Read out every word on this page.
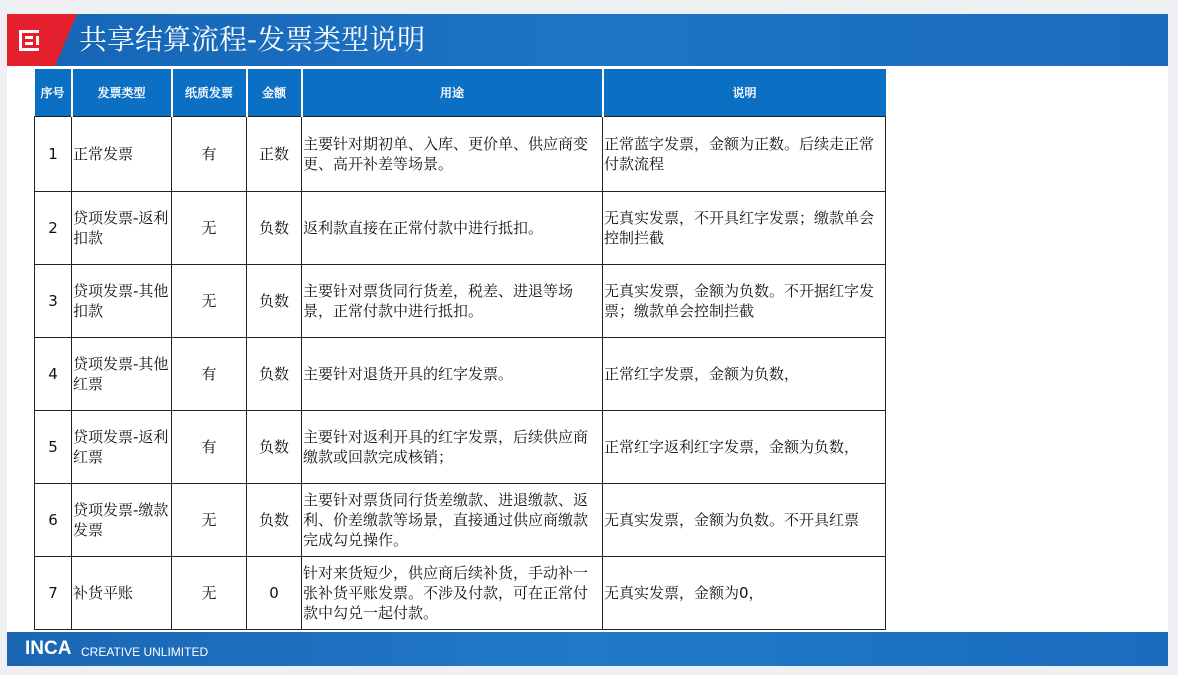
共享结算流程-发票类型说明
序号	发票类型	纸质发票	金额	用途	说明
1	正常发票	有	正数	主要针对期初单、入库、更价单、供应商变更、高开补差等场景。	正常蓝字发票，金额为正数。后续走正常付款流程
2	贷项发票-返利扣款	无	负数	返利款直接在正常付款中进行抵扣。	无真实发票，不开具红字发票；缴款单会控制拦截
3	贷项发票-其他扣款	无	负数	主要针对票货同行货差，税差、进退等场景，正常付款中进行抵扣。	无真实发票，金额为负数。不开据红字发票；缴款单会控制拦截
4	贷项发票-其他红票	有	负数	主要针对退货开具的红字发票。	正常红字发票，金额为负数，
5	贷项发票-返利红票	有	负数	主要针对返利开具的红字发票，后续供应商缴款或回款完成核销；	正常红字返利红字发票，金额为负数，
6	贷项发票-缴款发票	无	负数	主要针对票货同行货差缴款、进退缴款、返利、价差缴款等场景，直接通过供应商缴款完成勾兑操作。	无真实发票，金额为负数。不开具红票
7	补货平账	无	0	针对来货短少，供应商后续补货，手动补一张补货平账发票。不涉及付款，可在正常付款中勾兑一起付款。	无真实发票，金额为0，
INCA CREATIVE UNLIMITED
